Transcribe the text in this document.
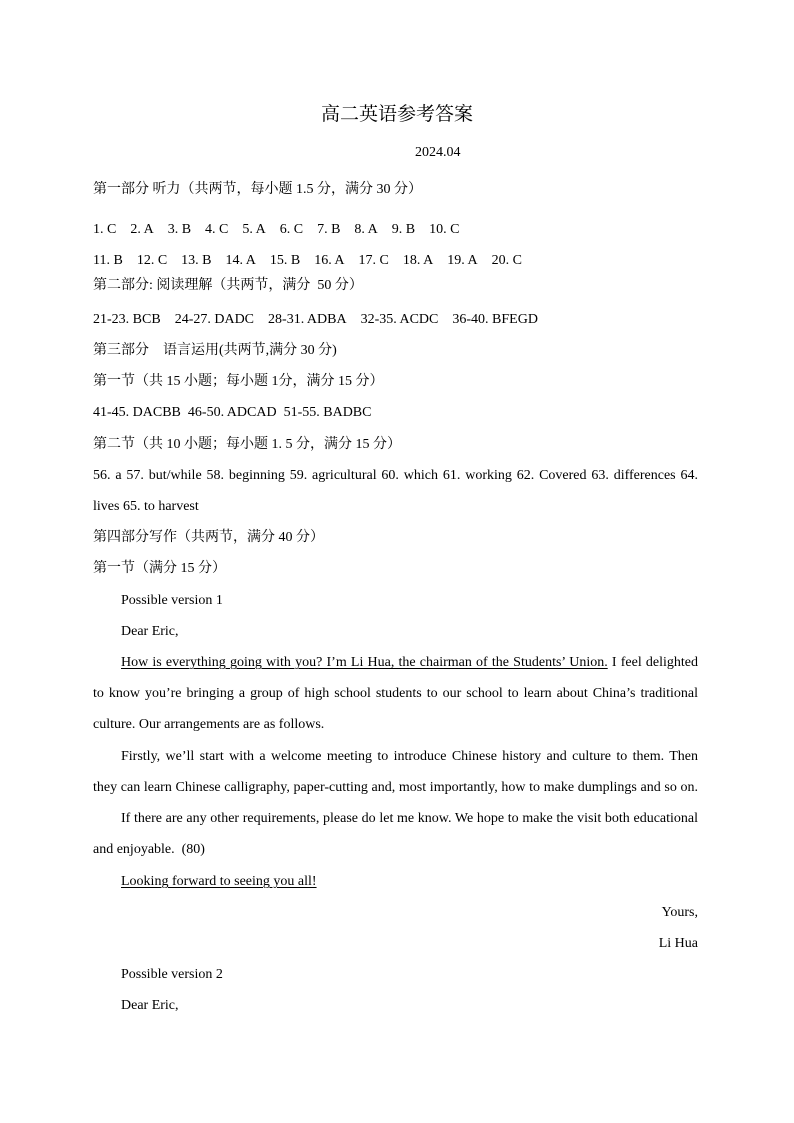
高二英语参考答案
2024.04
第一部分 听力（共两节，每小题 1.5 分，满分 30 分）
1. C 2. A 3. B 4. C 5. A 6. C 7. B 8. A 9. B 10. C
11. B 12. C 13. B 14. A 15. B 16. A 17. C 18. A 19. A 20. C
第二部分: 阅读理解（共两节，满分  50 分）
21-23. BCB 24-27. DADC 28-31. ADBA 32-35. ACDC 36-40. BFEGD
第三部分    语言运用(共两节,满分 30 分)
第一节（共 15 小题；每小题 1分，满分 15 分）
41-45. DACBB 46-50. ADCAD 51-55. BADBC
第二节（共 10 小题；每小题 1. 5 分，满分 15 分）
56. a 57. but/while 58. beginning 59. agricultural 60. which 61. working 62. Covered 63. differences 64.
lives 65. to harvest
第四部分写作（共两节，满分 40 分）
第一节（满分 15 分）
Possible version 1
Dear Eric,
How is everything going with you? I’m Li Hua, the chairman of the Students’ Union. I feel delighted
to know you’re bringing a group of high school students to our school to learn about China’s traditional
culture. Our arrangements are as follows.
Firstly, we’ll start with a welcome meeting to introduce Chinese history and culture to them. Then
they can learn Chinese calligraphy, paper-cutting and, most importantly, how to make dumplings and so on.
If there are any other requirements, please do let me know. We hope to make the visit both educational
and enjoyable.  (80)
Looking forward to seeing you all!
Yours,
Li Hua
Possible version 2
Dear Eric,
